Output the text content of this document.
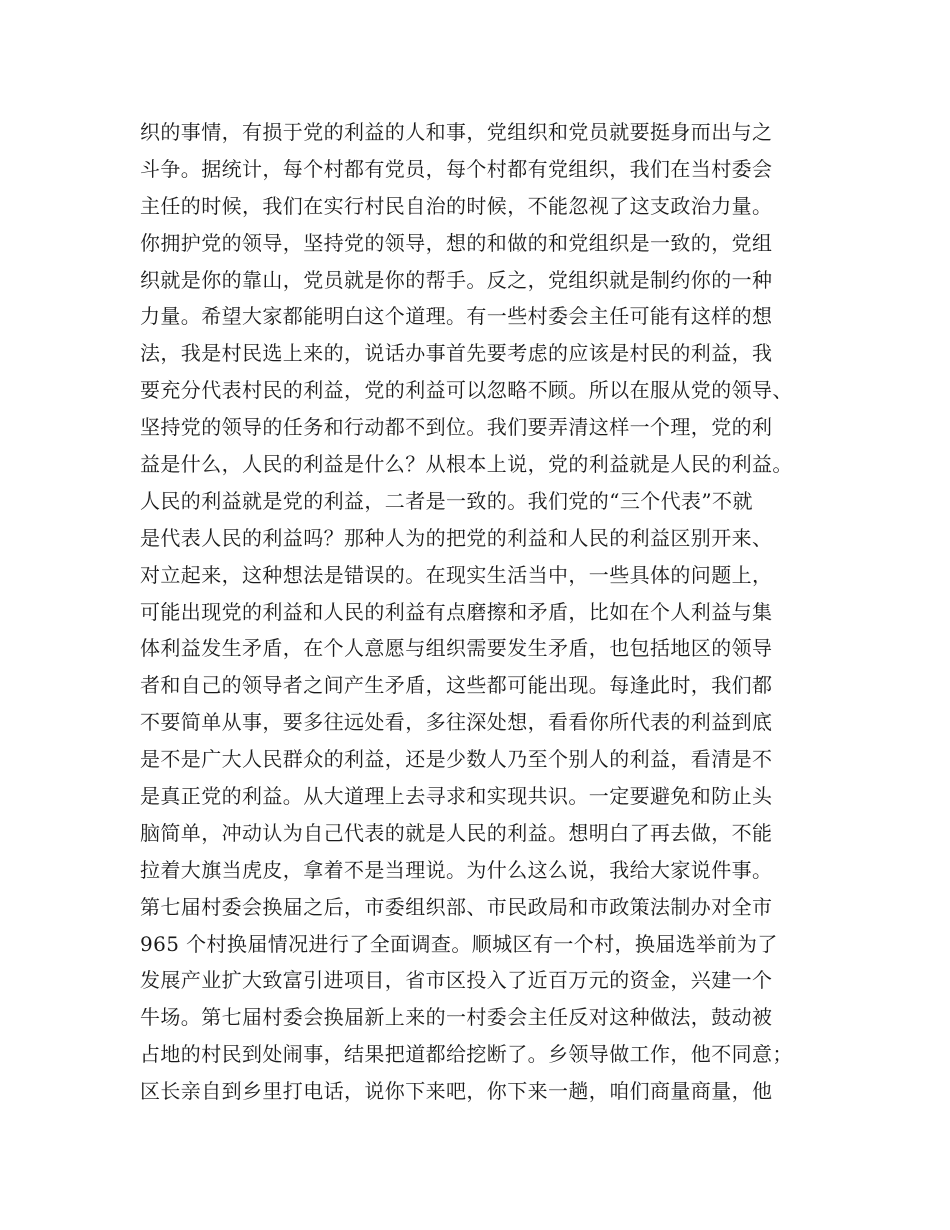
织的事情，有损于党的利益的人和事，党组织和党员就要挺身而出与之
斗争。据统计，每个村都有党员，每个村都有党组织，我们在当村委会
主任的时候，我们在实行村民自治的时候，不能忽视了这支政治力量。
你拥护党的领导，坚持党的领导，想的和做的和党组织是一致的，党组
织就是你的靠山，党员就是你的帮手。反之，党组织就是制约你的一种
力量。希望大家都能明白这个道理。有一些村委会主任可能有这样的想
法，我是村民选上来的，说话办事首先要考虑的应该是村民的利益，我
要充分代表村民的利益，党的利益可以忽略不顾。所以在服从党的领导、
坚持党的领导的任务和行动都不到位。我们要弄清这样一个理，党的利
益是什么，人民的利益是什么？从根本上说，党的利益就是人民的利益。
人民的利益就是党的利益，二者是一致的。我们党的“三个代表”不就
是代表人民的利益吗？那种人为的把党的利益和人民的利益区别开来、
对立起来，这种想法是错误的。在现实生活当中，一些具体的问题上，
可能出现党的利益和人民的利益有点磨擦和矛盾，比如在个人利益与集
体利益发生矛盾，在个人意愿与组织需要发生矛盾，也包括地区的领导
者和自己的领导者之间产生矛盾，这些都可能出现。每逢此时，我们都
不要简单从事，要多往远处看，多往深处想，看看你所代表的利益到底
是不是广大人民群众的利益，还是少数人乃至个别人的利益，看清是不
是真正党的利益。从大道理上去寻求和实现共识。一定要避免和防止头
脑简单，冲动认为自己代表的就是人民的利益。想明白了再去做，不能
拉着大旗当虎皮，拿着不是当理说。为什么这么说，我给大家说件事。
第七届村委会换届之后，市委组织部、市民政局和市政策法制办对全市
965 个村换届情况进行了全面调查。顺城区有一个村，换届选举前为了
发展产业扩大致富引进项目，省市区投入了近百万元的资金，兴建一个
牛场。第七届村委会换届新上来的一村委会主任反对这种做法，鼓动被
占地的村民到处闹事，结果把道都给挖断了。乡领导做工作，他不同意；
区长亲自到乡里打电话，说你下来吧，你下来一趟，咱们商量商量，他
